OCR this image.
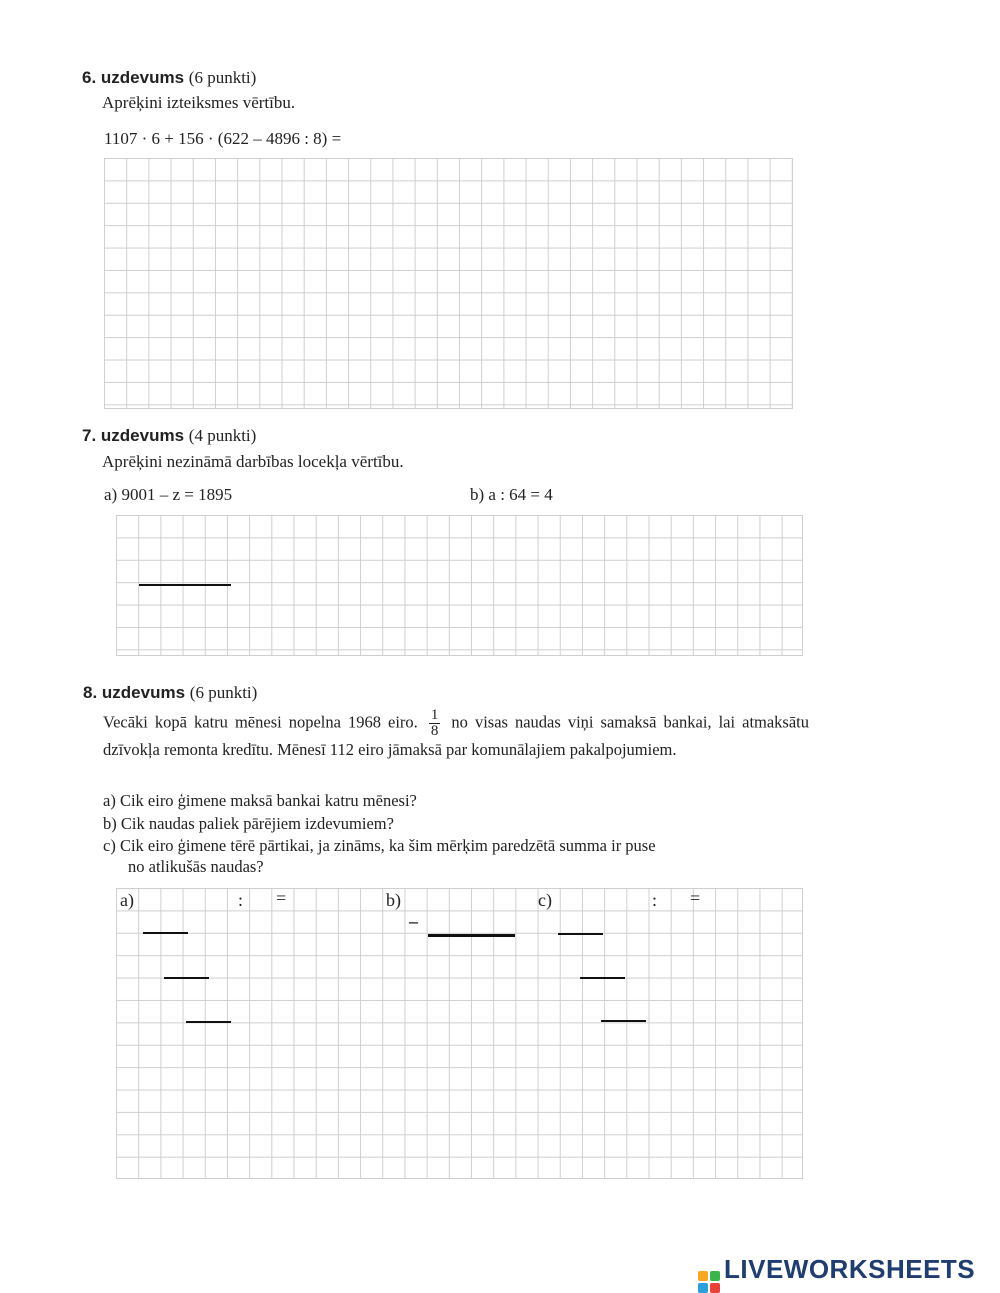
6. uzdevums (6 punkti)
Aprēķini izteiksmes vērtību.
1107 · 6 + 156 · (622 – 4896 : 8) =
7. uzdevums (4 punkti)
Aprēķini nezināmā darbības locekļa vērtību.
a) 9001 – z = 1895	b) a : 64 = 4
8. uzdevums (6 punkti)
Vecāki kopā katru mēnesi nopelna 1968 eiro. $\frac{1}{8}$ no visas naudas viņi samaksā bankai, lai atmaksātu dzīvokļa remonta kredītu. Mēnesī 112 eiro jāmaksā par komunālajiem pakalpojumiem.
a) Cik eiro ģimene maksā bankai katru mēnesi?
b) Cik naudas paliek pārējiem izdevumiem?
c) Cik eiro ģimene tērē pārtikai, ja zināms, ka šim mērķim paredzētā summa ir puse
no atlikušās naudas?
a)	: =	b)
–
c)	: =
LIVEWORKSHEETS
